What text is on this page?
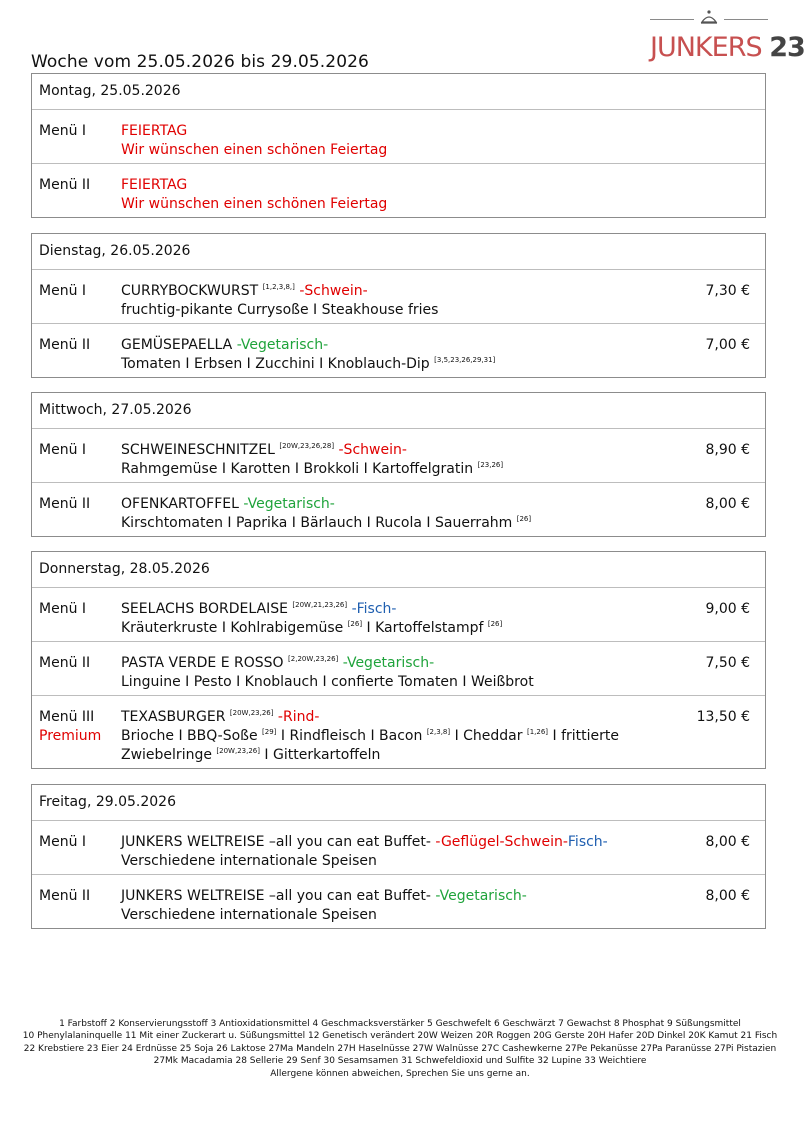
JUNKERS 23
Woche vom 25.05.2026 bis 29.05.2026
Montag, 25.05.2026
Menü I	FEIERTAG
Wir wünschen einen schönen Feiertag
Menü II	FEIERTAG
Wir wünschen einen schönen Feiertag
Dienstag, 26.05.2026
Menü I	CURRYBOCKWURST [1,2,3,8,] -Schwein-
fruchtig-pikante Currysoße I Steakhouse fries
7,30 €
Menü II	GEMÜSEPAELLA -Vegetarisch-
Tomaten I Erbsen I Zucchini I Knoblauch-Dip [3,5,23,26,29,31]
7,00 €
Mittwoch, 27.05.2026
Menü I	SCHWEINESCHNITZEL [20W,23,26,28] -Schwein-
Rahmgemüse I Karotten I Brokkoli I Kartoffelgratin [23,26]
8,90 €
Menü II	OFENKARTOFFEL -Vegetarisch-
Kirschtomaten I Paprika I Bärlauch I Rucola I Sauerrahm [26]
8,00 €
Donnerstag, 28.05.2026
Menü I	SEELACHS BORDELAISE [20W,21,23,26] -Fisch-
Kräuterkruste I Kohlrabigemüse [26] I Kartoffelstampf [26]
9,00 €
Menü II	PASTA VERDE E ROSSO [2,20W,23,26] -Vegetarisch-
Linguine I Pesto I Knoblauch I confierte Tomaten I Weißbrot
7,50 €
Menü III
Premium
TEXASBURGER [20W,23,26] -Rind-
Brioche I BBQ-Soße [29] I Rindfleisch I Bacon [2,3,8] I Cheddar [1,26] I frittierte
Zwiebelringe [20W,23,26] I Gitterkartoffeln
13,50 €
Freitag, 29.05.2026
Menü I	JUNKERS WELTREISE –all you can eat Buffet- -Geflügel-Schwein-Fisch-
Verschiedene internationale Speisen
8,00 €
Menü II	JUNKERS WELTREISE –all you can eat Buffet- -Vegetarisch-
Verschiedene internationale Speisen
8,00 €
1 Farbstoff 2 Konservierungsstoff 3 Antioxidationsmittel 4 Geschmacksverstärker 5 Geschwefelt 6 Geschwärzt 7 Gewachst 8 Phosphat 9 Süßungsmittel
10 Phenylalaninquelle 11 Mit einer Zuckerart u. Süßungsmittel 12 Genetisch verändert 20W Weizen 20R Roggen 20G Gerste 20H Hafer 20D Dinkel 20K Kamut 21 Fisch
22 Krebstiere 23 Eier 24 Erdnüsse 25 Soja 26 Laktose 27Ma Mandeln 27H Haselnüsse 27W Walnüsse 27C Cashewkerne 27Pe Pekanüsse 27Pa Paranüsse 27Pi Pistazien
27Mk Macadamia 28 Sellerie 29 Senf 30 Sesamsamen 31 Schwefeldioxid und Sulfite 32 Lupine 33 Weichtiere
Allergene können abweichen, Sprechen Sie uns gerne an.
